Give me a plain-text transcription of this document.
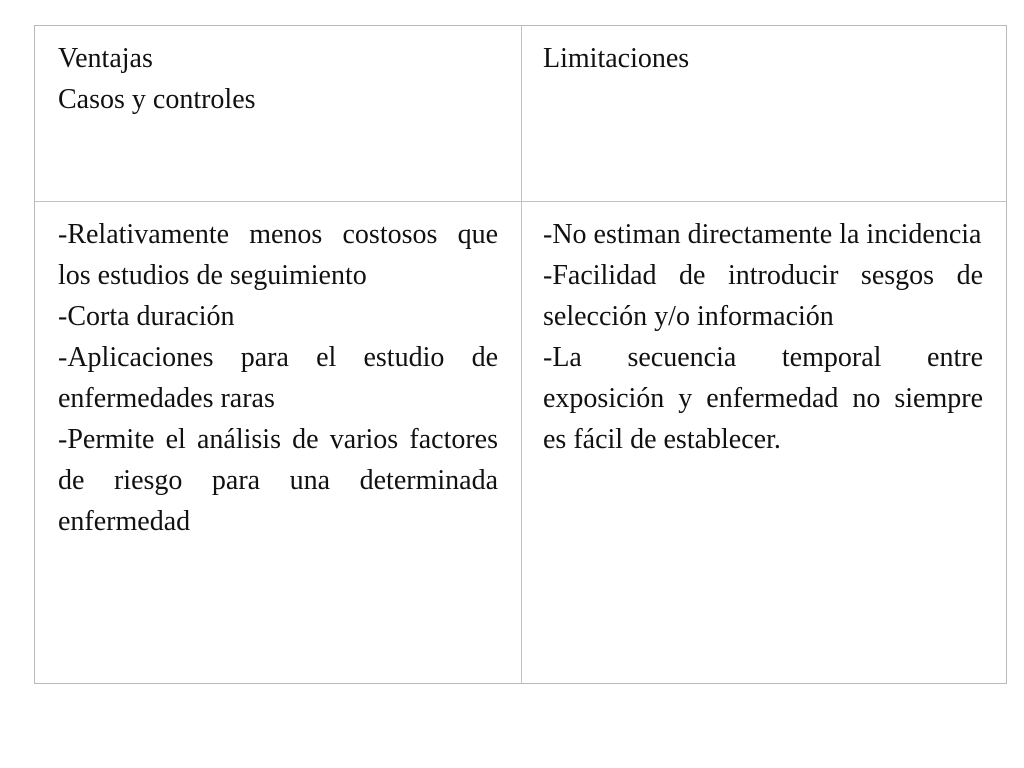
Ventajas
Casos y controles
Limitaciones
-Relativamente menos costosos que los estudios de seguimiento
-Corta duración
-Aplicaciones para el estudio de enfermedades raras
-Permite el análisis de varios factores de riesgo para una determinada enfermedad
-No estiman directamente la incidencia
-Facilidad de introducir sesgos de selección y/o información
-La secuencia temporal entre exposición y enfermedad no siempre es fácil de establecer.
